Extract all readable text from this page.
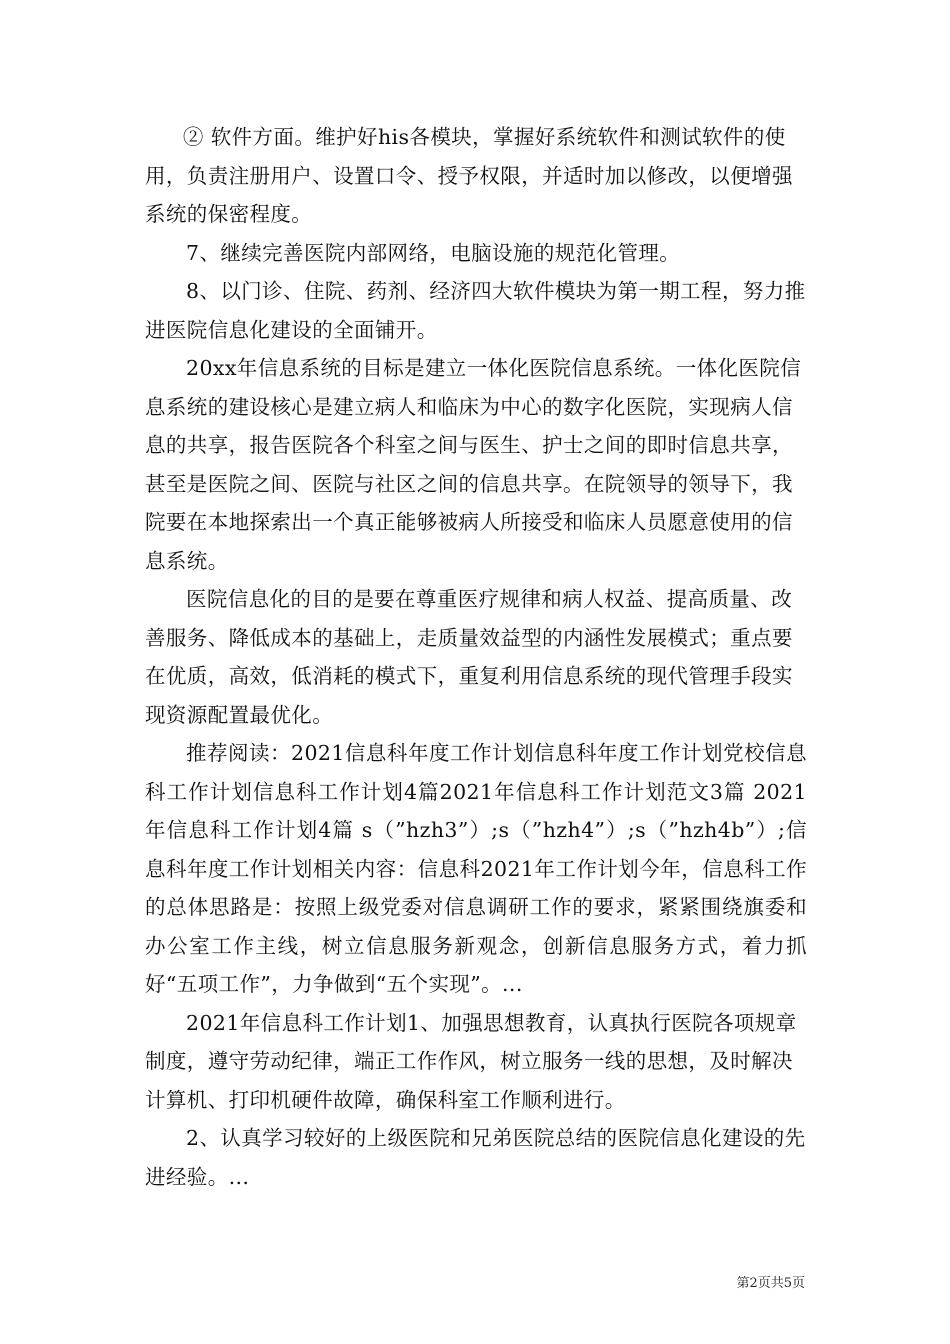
② 软件方面。维护好his各模块，掌握好系统软件和测试软件的使用，负责注册用户、设置口令、授予权限，并适时加以修改，以便增强系统的保密程度。

7、继续完善医院内部网络，电脑设施的规范化管理。

8、以门诊、住院、药剂、经济四大软件模块为第一期工程，努力推进医院信息化建设的全面铺开。

20xx年信息系统的目标是建立一体化医院信息系统。一体化医院信息系统的建设核心是建立病人和临床为中心的数字化医院，实现病人信息的共享，报告医院各个科室之间与医生、护士之间的即时信息共享，甚至是医院之间、医院与社区之间的信息共享。在院领导的领导下，我院要在本地探索出一个真正能够被病人所接受和临床人员愿意使用的信息系统。

医院信息化的目的是要在尊重医疗规律和病人权益、提高质量、改善服务、降低成本的基础上，走质量效益型的内涵性发展模式；重点要在优质，高效，低消耗的模式下，重复利用信息系统的现代管理手段实现资源配置最优化。

推荐阅读：2021信息科年度工作计划信息科年度工作计划党校信息科工作计划信息科工作计划4篇2021年信息科工作计划范文3篇 2021年信息科工作计划4篇 s（”hzh3”）;s（”hzh4”）;s（”hzh4b”）;信息科年度工作计划相关内容：信息科2021年工作计划今年，信息科工作的总体思路是：按照上级党委对信息调研工作的要求，紧紧围绕旗委和办公室工作主线，树立信息服务新观念，创新信息服务方式，着力抓好“五项工作”，力争做到“五个实现”。...

2021年信息科工作计划1、加强思想教育，认真执行医院各项规章制度，遵守劳动纪律，端正工作作风，树立服务一线的思想，及时解决计算机、打印机硬件故障，确保科室工作顺利进行。

2、认真学习较好的上级医院和兄弟医院总结的医院信息化建设的先进经验。...

第2页共5页
